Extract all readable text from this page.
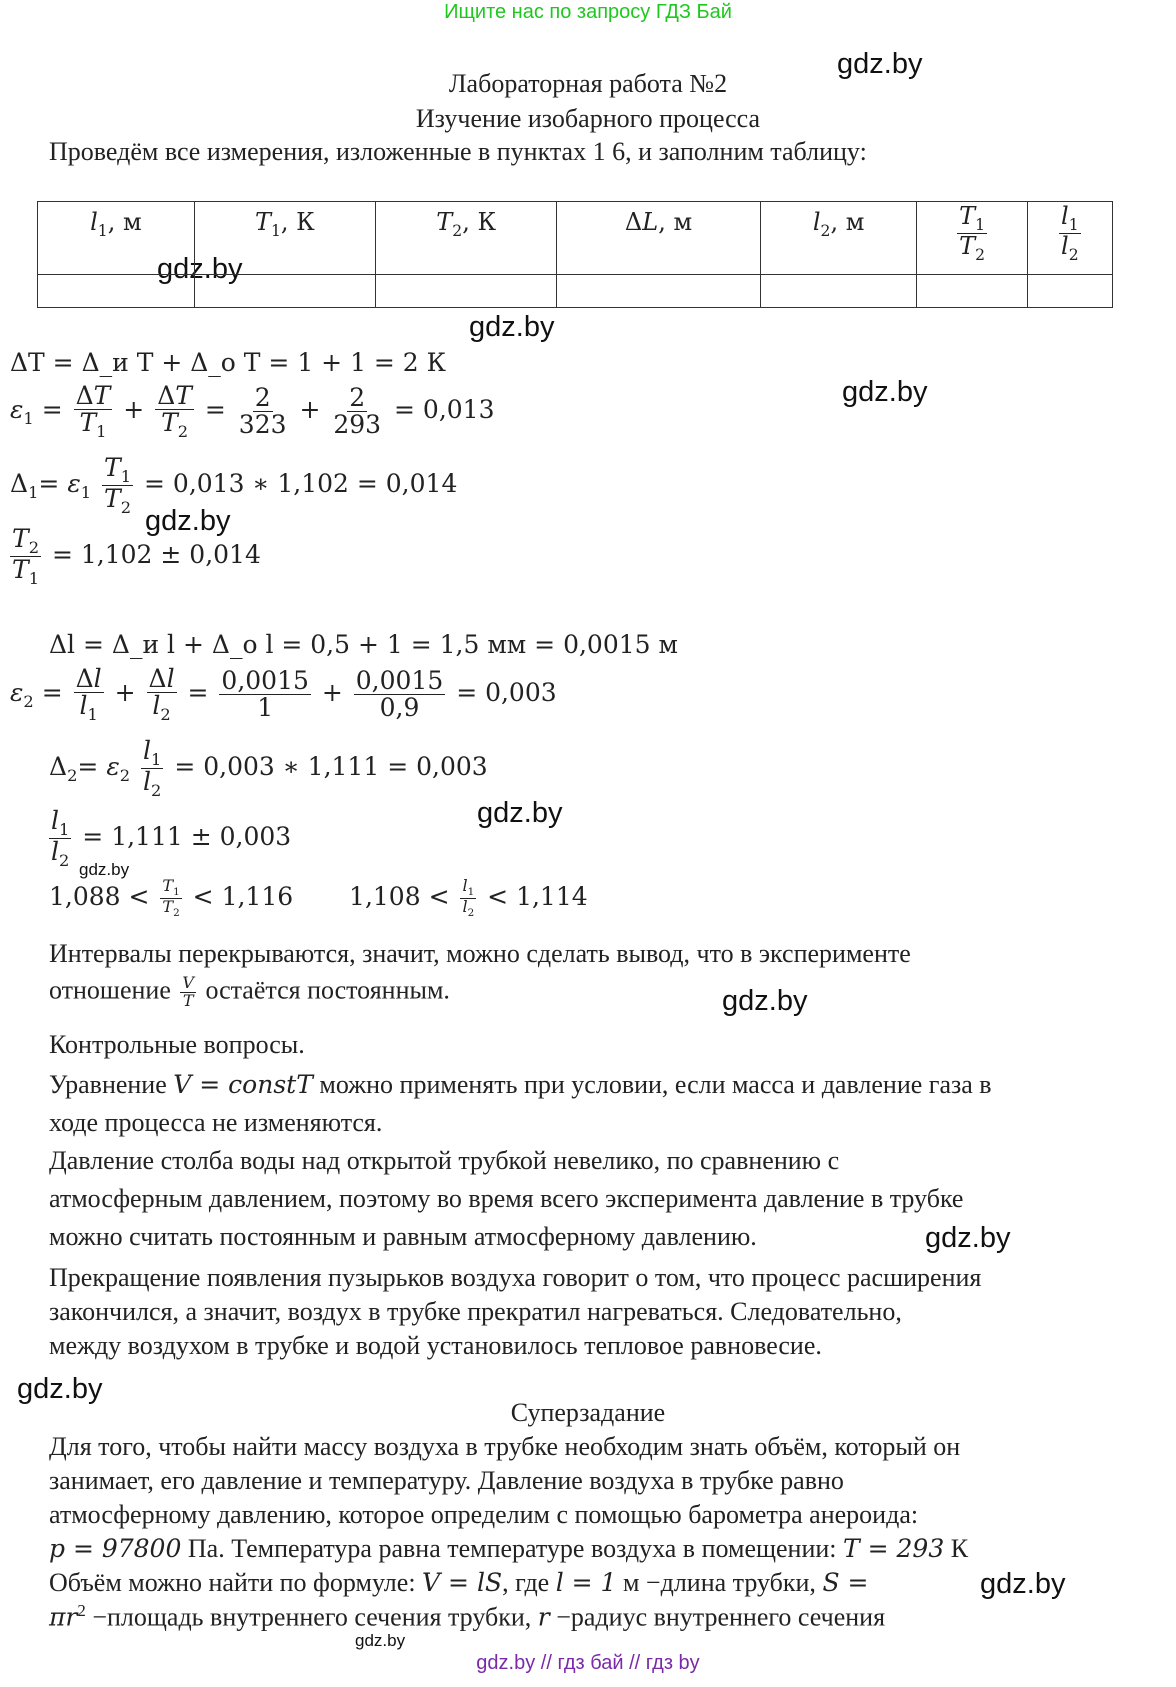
Ищите нас по запросу ГДЗ Бай
Лабораторная работа №2
Изучение изобарного процесса
Проведём все измерения, изложенные в пунктах 1 6, и заполним таблицу:
gdz.by
gdz.by
gdz.by
gdz.by
gdz.by
gdz.by
gdz.by
gdz.by
gdz.by
gdz.by
gdz.by
gdz.by
$l_1$, м	$T_1$, К	$T_2$, К	ΔL, м	$l_2$, м	$\frac{T_1}{T_2}$	$\frac{l_1}{l_2}$

ΔT = Δ_и T + Δ_о T = 1 + 1 = 2 К
$\varepsilon_1 = \frac{\Delta T}{T_1} + \frac{\Delta T}{T_2} = \frac{2}{323} + \frac{2}{293} = 0,013$
$\Delta_1= \varepsilon_1 \frac{T_1}{T_2} = 0,013$ ∗ 1,102 = 0,014
$\frac{T_2}{T_1} = 1,102 \pm 0,014$
Δl = Δ_и l + Δ_о l = 0,5 + 1 = 1,5 мм = 0,0015 м
$\varepsilon_2 = \frac{\Delta l}{l_1} + \frac{\Delta l}{l_2} = \frac{0,0015}{1} + \frac{0,0015}{0,9} = 0,003$
$\Delta_2= \varepsilon_2 \frac{l_1}{l_2} = 0,003$ ∗ 1,111 = 0,003
$\frac{l_1}{l_2} = 1,111 \pm 0,003$
$1,088 < \frac{T_1}{T_2} < 1,116$ $1,108 < \frac{l_1}{l_2} < 1,114$
Интервалы перекрываются, значит, можно сделать вывод, что в эксперименте
отношение $\frac{V}{T}$ остаётся постоянным.
Контрольные вопросы.
Уравнение V = constT можно применять при условии, если масса и давление газа в
ходе процесса не изменяются.
Давление столба воды над открытой трубкой невелико, по сравнению с
атмосферным давлением, поэтому во время всего эксперимента давление в трубке
можно считать постоянным и равным атмосферному давлению.
Прекращение появления пузырьков воздуха говорит о том, что процесс расширения
закончился, а значит, воздух в трубке прекратил нагреваться. Следовательно,
между воздухом в трубке и водой установилось тепловое равновесие.
Суперзадание
Для того, чтобы найти массу воздуха в трубке необходим знать объём, который он
занимает, его давление и температуру. Давление воздуха в трубке равно
атмосферному давлению, которое определим с помощью барометра анероида:
p = 97800 Па. Температура равна температуре воздуха в помещении: T = 293 К
Объём можно найти по формуле: V = lS, где l = 1 м −длина трубки, S =
$\pi r^2$ −площадь внутреннего сечения трубки, r −радиус внутреннего сечения
gdz.by // гдз бай // гдз by
